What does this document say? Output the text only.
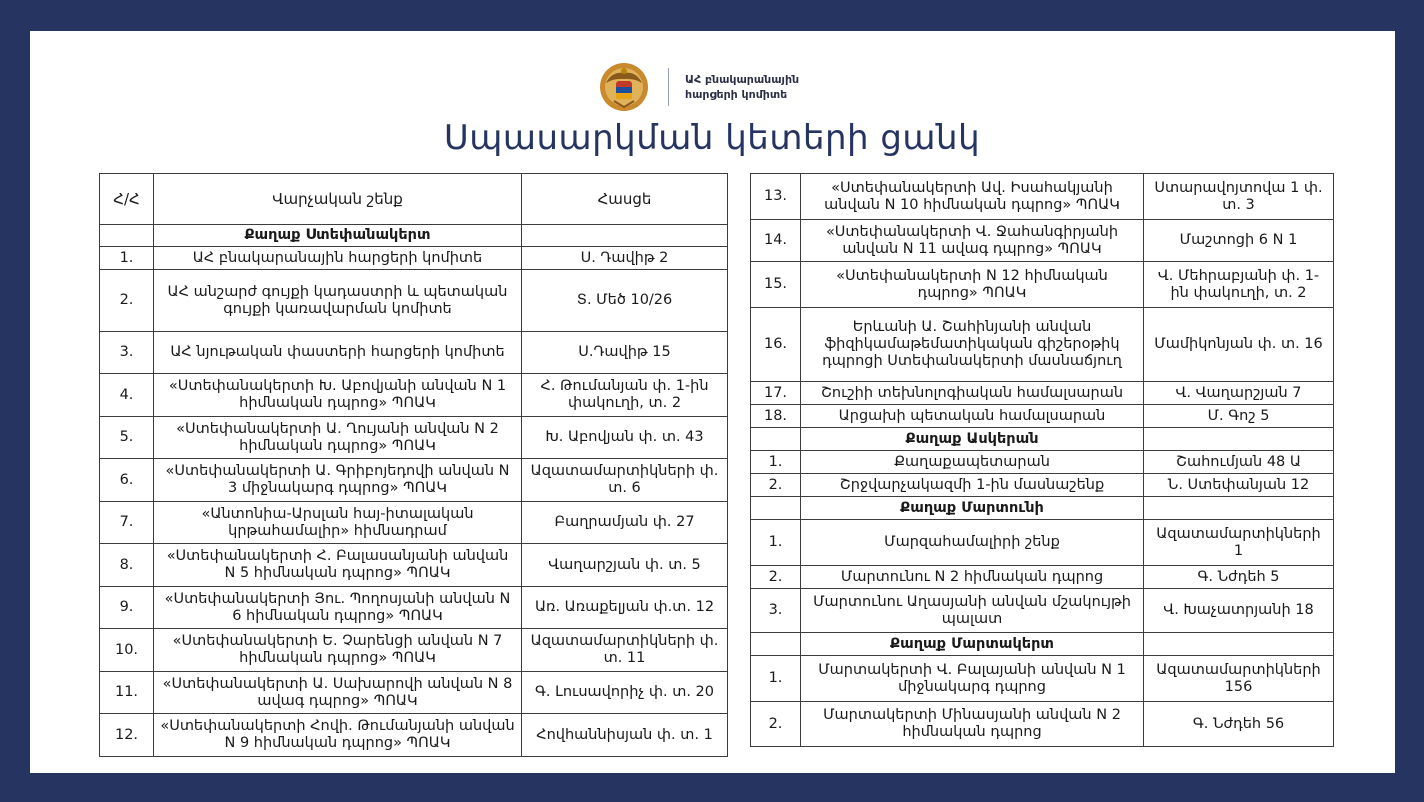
ԱՀ բնակարանային
հարցերի կոմիտե
Սպասարկման կետերի ցանկ
Հ/Հ	Վարչական շենք	Հասցե
	Քաղաք Ստեփանակերտ	
1.	ԱՀ բնակարանային հարցերի կոմիտե	Ս. Դավիթ 2
2.	ԱՀ անշարժ գույքի կադաստրի և պետական գույքի կառավարման կոմիտե	Տ. Մեծ 10/26
3.	ԱՀ նյութական փաստերի հարցերի կոմիտե	Ս.Դավիթ 15
4.	«Ստեփանակերտի Խ. Աբովյանի անվան N 1 հիմնական դպրոց» ՊՈԱԿ	Հ. Թումանյան փ. 1-ին փակուղի, տ. 2
5.	«Ստեփանակերտի Ա. Ղույանի անվան N 2 հիմնական դպրոց» ՊՈԱԿ	Խ. Աբովյան փ. տ. 43
6.	«Ստեփանակերտի Ա. Գրիբոյեդովի անվան N 3 միջնակարգ դպրոց» ՊՈԱԿ	Ազատամարտիկների փ. տ. 6
7.	«Անտոնիա-Արսլան հայ-իտալական կրթահամալիր» հիմնադրամ	Բաղրամյան փ. 27
8.	«Ստեփանակերտի Հ. Բալասանյանի անվան N 5 հիմնական դպրոց» ՊՈԱԿ	Վաղարշյան փ. տ. 5
9.	«Ստեփանակերտի Յու. Պողոսյանի անվան N 6 հիմնական դպրոց» ՊՈԱԿ	Առ. Առաքելյան փ.տ. 12
10.	«Ստեփանակերտի Ե. Չարենցի անվան N 7 հիմնական դպրոց» ՊՈԱԿ	Ազատամարտիկների փ. տ. 11
11.	«Ստեփանակերտի Ա. Սախարովի անվան N 8 ավագ դպրոց» ՊՈԱԿ	Գ. Լուսավորիչ փ. տ. 20
12.	«Ստեփանակերտի Հովի. Թումանյանի անվան N 9 հիմնական դպրոց» ՊՈԱԿ	Հովհաննիսյան փ. տ. 1
13.	«Ստեփանակերտի Ավ. Իսահակյանի անվան N 10 հիմնական դպրոց» ՊՈԱԿ	Ստարավոյտովա 1 փ. տ. 3
14.	«Ստեփանակերտի Վ. Ջահանգիրյանի անվան N 11 ավագ դպրոց» ՊՈԱԿ	Մաշտոցի 6 N 1
15.	«Ստեփանակերտի N 12 հիմնական դպրոց» ՊՈԱԿ	Վ. Մեհրաբյանի փ. 1-ին փակուղի, տ. 2
16.	Երևանի Ա. Շահինյանի անվան ֆիզիկամաթեմատիկական գիշերօթիկ դպրոցի Ստեփանակերտի մասնաճյուղ	Մամիկոնյան փ. տ. 16
17.	Շուշիի տեխնոլոգիական համալսարան	Վ. Վաղարշյան 7
18.	Արցախի պետական համալսարան	Մ. Գոշ 5
	Քաղաք Ասկերան	
1.	Քաղաքապետարան	Շահումյան 48 Ա
2.	Շրջվարչակազմի 1-ին մասնաշենք	Ն. Ստեփանյան 12
	Քաղաք Մարտունի	
1.	Մարզահամալիրի շենք	Ազատամարտիկների 1
2.	Մարտունու N 2 հիմնական դպրոց	Գ. Նժդեհ 5
3.	Մարտունու Աղասյանի անվան մշակույթի պալատ	Վ. Խաչատրյանի 18
	Քաղաք Մարտակերտ	
1.	Մարտակերտի Վ. Բալայանի անվան N 1 միջնակարգ դպրոց	Ազատամարտիկների 156
2.	Մարտակերտի Մինասյանի անվան N 2 հիմնական դպրոց	Գ. Նժդեհ 56
